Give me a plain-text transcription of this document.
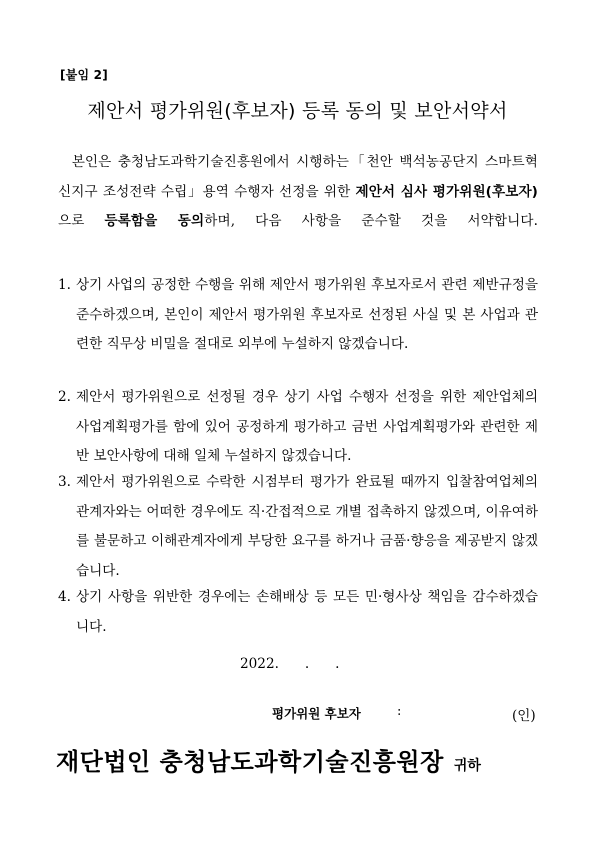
[붙임 2]
제안서 평가위원(후보자) 등록 동의 및 보안서약서
 본인은 충청남도과학기술진흥원에서 시행하는「천안 백석농공단지 스마트혁신지구 조성전략 수립」용역 수행자 선정을 위한 제안서 심사 평가위원(후보자)으로 등록함을 동의하며, 다음 사항을 준수할 것을 서약합니다.
1. 상기 사업의 공정한 수행을 위해 제안서 평가위원 후보자로서 관련 제반규정을 준수하겠으며, 본인이 제안서 평가위원 후보자로 선정된 사실 및 본 사업과 관련한 직무상 비밀을 절대로 외부에 누설하지 않겠습니다.
2. 제안서 평가위원으로 선정될 경우 상기 사업 수행자 선정을 위한 제안업체의 사업계획평가를 함에 있어 공정하게 평가하고 금번 사업계획평가와 관련한 제반 보안사항에 대해 일체 누설하지 않겠습니다.
3. 제안서 평가위원으로 수락한 시점부터 평가가 완료될 때까지 입찰참여업체의 관계자와는 어떠한 경우에도 직·간접적으로 개별 접촉하지 않겠으며, 이유여하를 불문하고 이해관계자에게 부당한 요구를 하거나 금품·향응을 제공받지 않겠습니다.
4. 상기 사항을 위반한 경우에는 손해배상 등 모든 민·형사상 책임을 감수하겠습니다.
2022.      .      .
평가위원 후보자	:	(인)
재단법인 충청남도과학기술진흥원장 귀하
